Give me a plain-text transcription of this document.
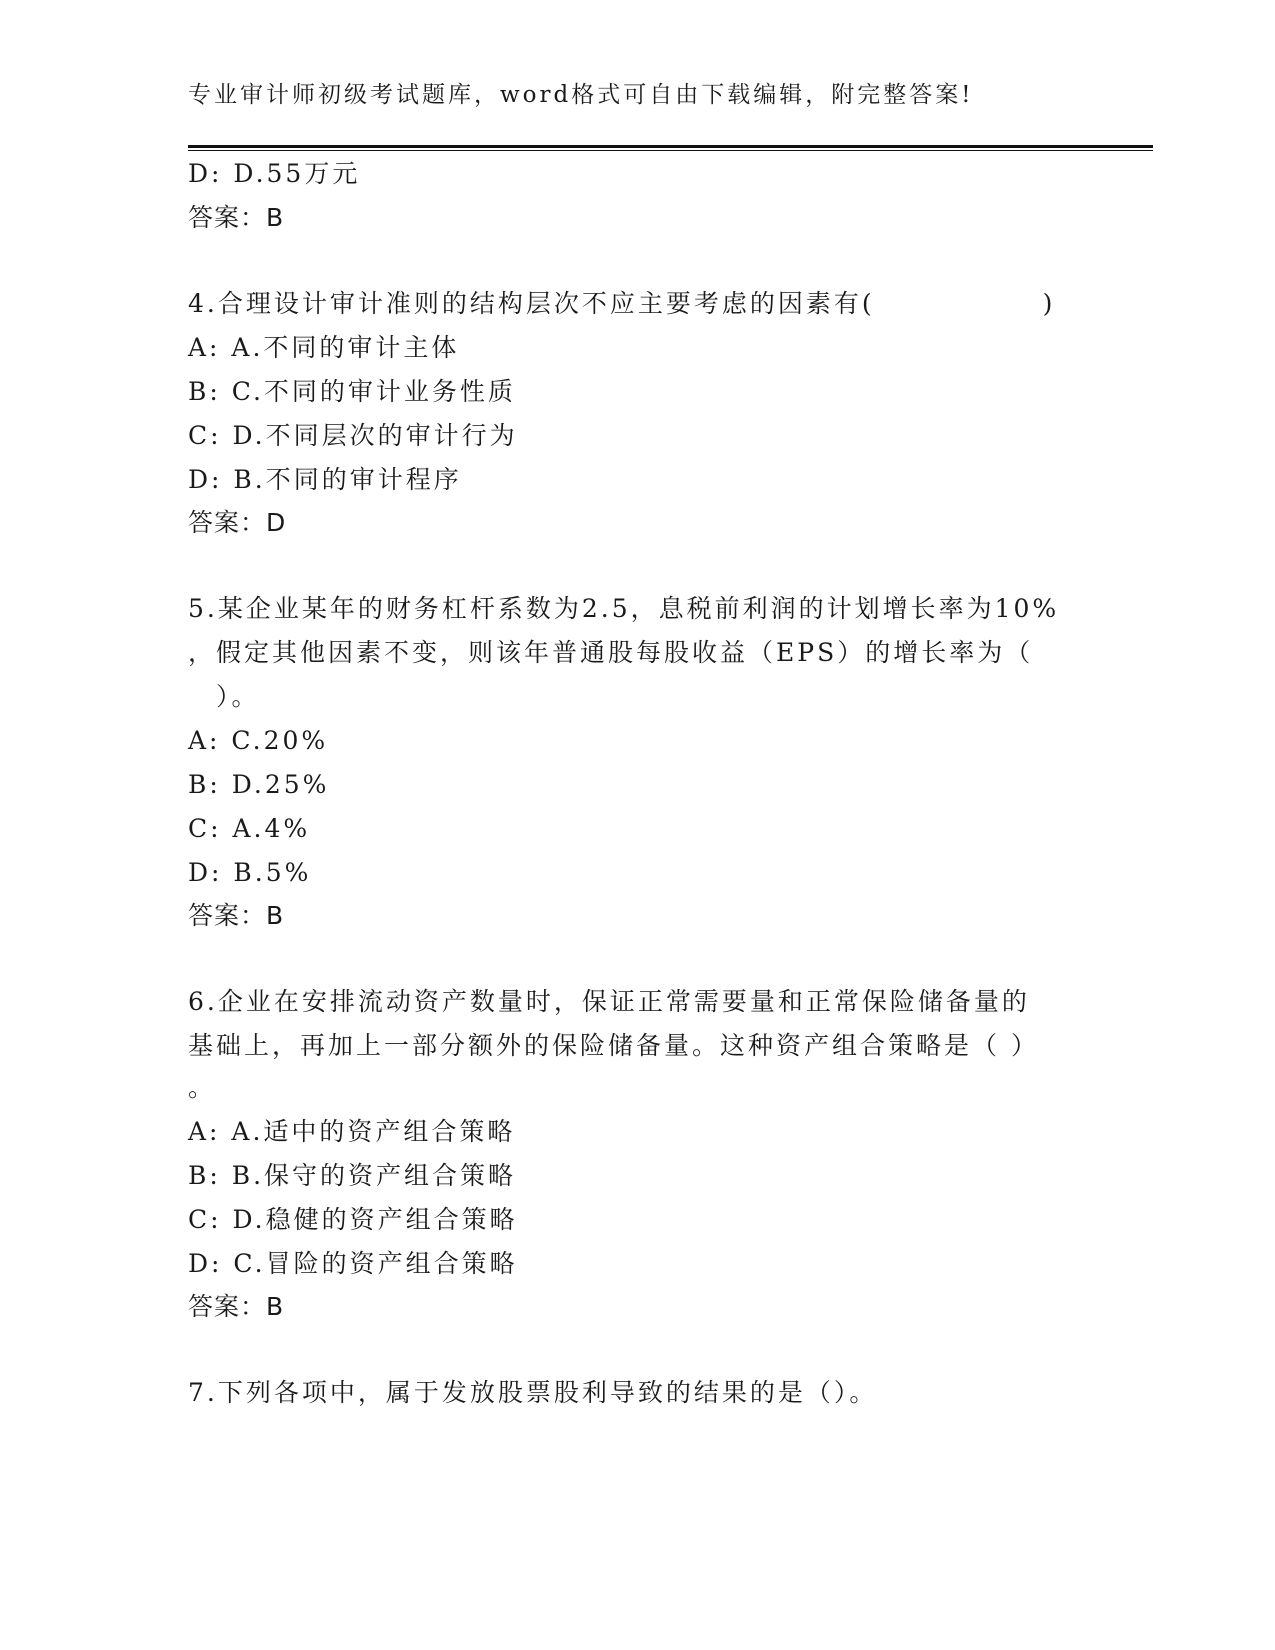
专业审计师初级考试题库，word格式可自由下载编辑，附完整答案!
D: D.55万元
答案：B
4.合理设计审计准则的结构层次不应主要考虑的因素有(　　　　　　)
A: A.不同的审计主体
B: C.不同的审计业务性质
C: D.不同层次的审计行为
D: B.不同的审计程序
答案：D
5.某企业某年的财务杠杆系数为2.5，息税前利润的计划增长率为10%
，假定其他因素不变，则该年普通股每股收益（EPS）的增长率为（
　）。
A: C.20%
B: D.25%
C: A.4%
D: B.5%
答案：B
6.企业在安排流动资产数量时，保证正常需要量和正常保险储备量的
基础上，再加上一部分额外的保险储备量。这种资产组合策略是（ ）
。
A: A.适中的资产组合策略
B: B.保守的资产组合策略
C: D.稳健的资产组合策略
D: C.冒险的资产组合策略
答案：B
7.下列各项中，属于发放股票股利导致的结果的是（）。
